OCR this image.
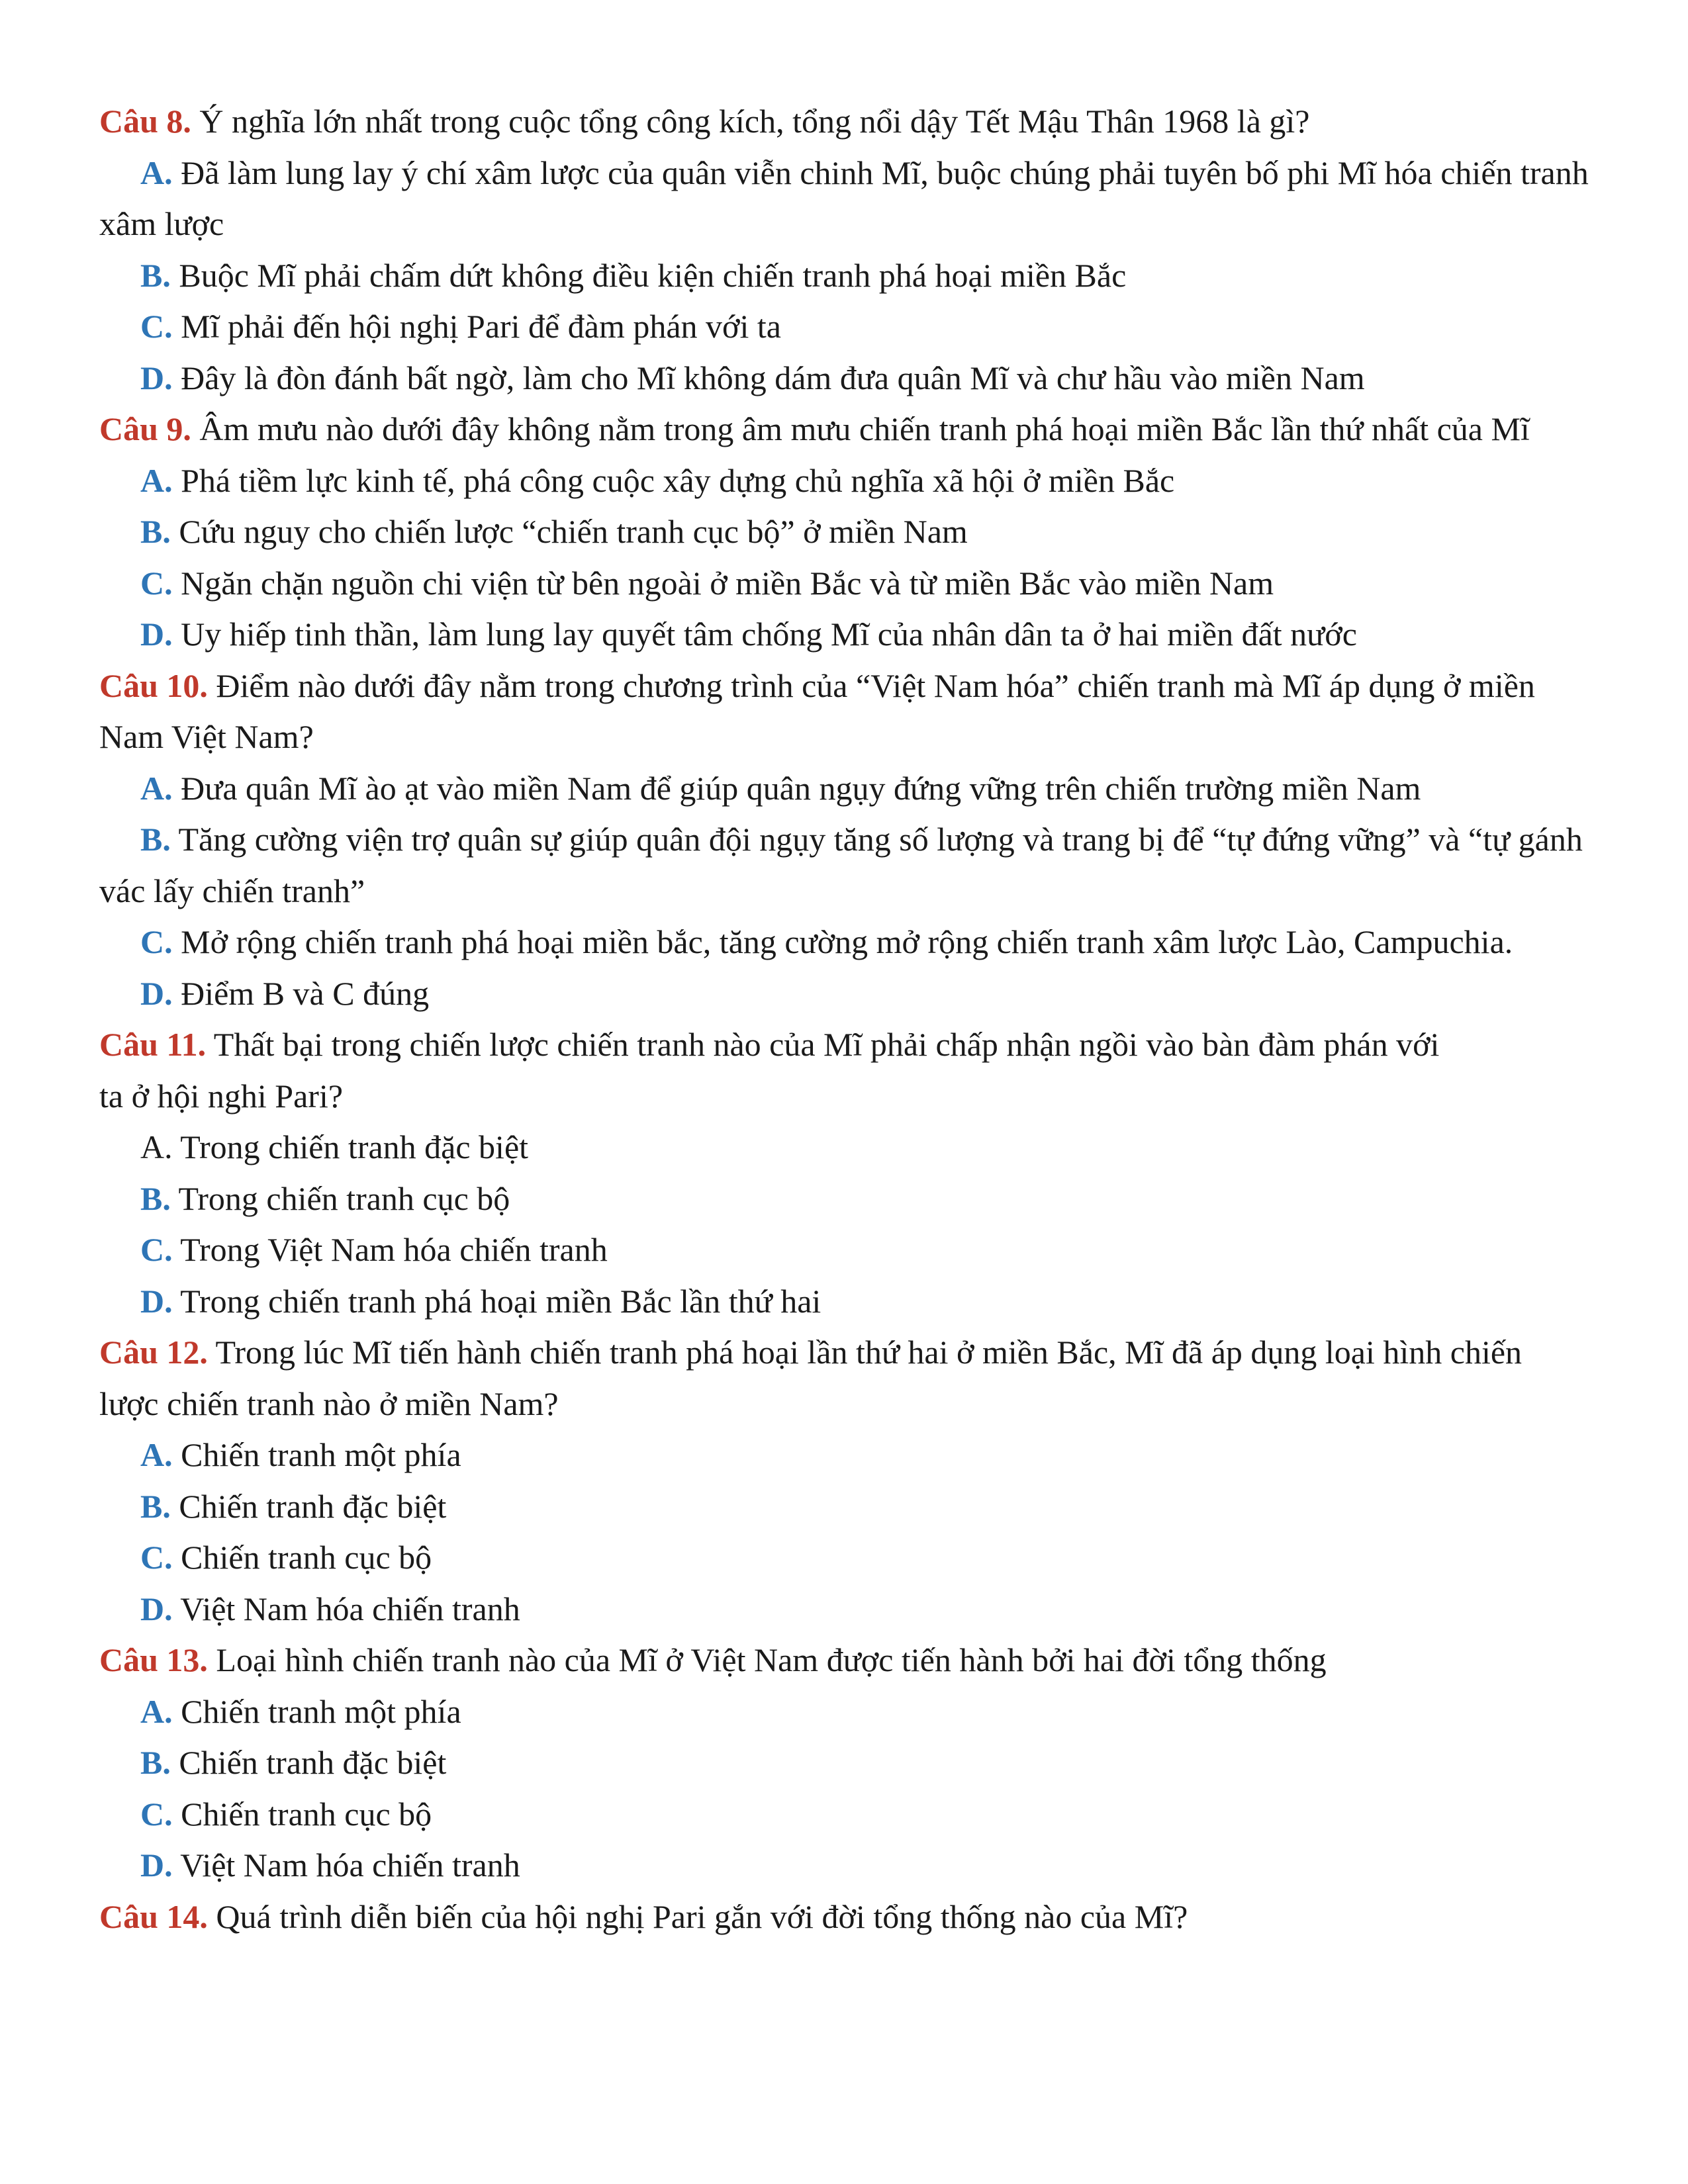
Câu 8. Ý nghĩa lớn nhất trong cuộc tổng công kích, tổng nổi dậy Tết Mậu Thân 1968 là gì?

A. Đã làm lung lay ý chí xâm lược của quân viễn chinh Mĩ, buộc chúng phải tuyên bố phi Mĩ hóa chiến tranh xâm lược

B. Buộc Mĩ phải chấm dứt không điều kiện chiến tranh phá hoại miền Bắc

C. Mĩ phải đến hội nghị Pari để đàm phán với ta

D. Đây là đòn đánh bất ngờ, làm cho Mĩ không dám đưa quân Mĩ và chư hầu vào miền Nam

Câu 9. Âm mưu nào dưới đây không nằm trong âm mưu chiến tranh phá hoại miền Bắc lần thứ nhất của Mĩ

A. Phá tiềm lực kinh tế, phá công cuộc xây dựng chủ nghĩa xã hội ở miền Bắc

B. Cứu nguy cho chiến lược “chiến tranh cục bộ” ở miền Nam

C. Ngăn chặn nguồn chi viện từ bên ngoài ở miền Bắc và từ miền Bắc vào miền Nam

D. Uy hiếp tinh thần, làm lung lay quyết tâm chống Mĩ của nhân dân ta ở hai miền đất nước

Câu 10. Điểm nào dưới đây nằm trong chương trình của “Việt Nam hóa” chiến tranh mà Mĩ áp dụng ở miền Nam Việt Nam?

A. Đưa quân Mĩ ào ạt vào miền Nam để giúp quân ngụy đứng vững trên chiến trường miền Nam

B. Tăng cường viện trợ quân sự giúp quân đội ngụy tăng số lượng và trang bị để “tự đứng vững” và “tự gánh vác lấy chiến tranh”

C. Mở rộng chiến tranh phá hoại miền bắc, tăng cường mở rộng chiến tranh xâm lược Lào, Campuchia.

D. Điểm B và C đúng

Câu 11. Thất bại trong chiến lược chiến tranh nào của Mĩ phải chấp nhận ngồi vào bàn đàm phán với ta ở hội nghi Pari?

A. Trong chiến tranh đặc biệt

B. Trong chiến tranh cục bộ

C. Trong Việt Nam hóa chiến tranh

D. Trong chiến tranh phá hoại miền Bắc lần thứ hai

Câu 12. Trong lúc Mĩ tiến hành chiến tranh phá hoại lần thứ hai ở miền Bắc, Mĩ đã áp dụng loại hình chiến lược chiến tranh nào ở miền Nam?

A. Chiến tranh một phía

B. Chiến tranh đặc biệt

C. Chiến tranh cục bộ

D. Việt Nam hóa chiến tranh

Câu 13. Loại hình chiến tranh nào của Mĩ ở Việt Nam được tiến hành bởi hai đời tổng thống

A. Chiến tranh một phía

B. Chiến tranh đặc biệt

C. Chiến tranh cục bộ

D. Việt Nam hóa chiến tranh

Câu 14. Quá trình diễn biến của hội nghị Pari gắn với đời tổng thống nào của Mĩ?
